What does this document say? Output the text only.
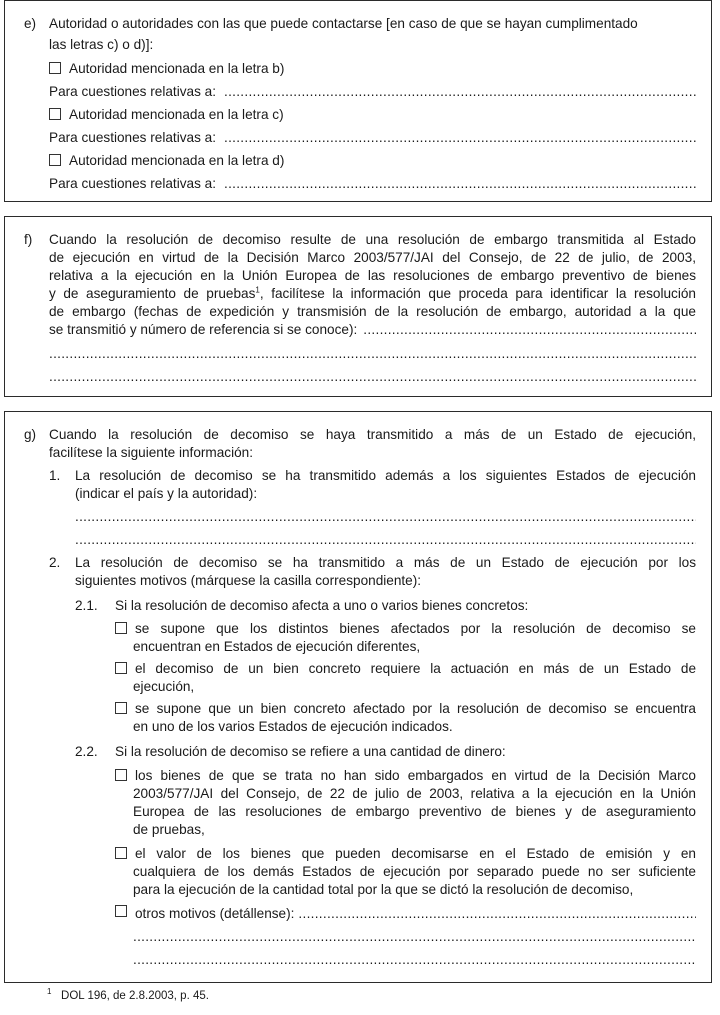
e) Autoridad o autoridades con las que puede contactarse [en caso de que se hayan cumplimentado
las letras c) o d)]:
Autoridad mencionada en la letra b)
Para cuestiones relativas a:
.....
Autoridad mencionada en la letra c)
Para cuestiones relativas a:
.....
Autoridad mencionada en la letra d)
Para cuestiones relativas a:
.....
f) Cuando la resolución de decomiso resulte de una resolución de embargo transmitida al Estado
de ejecución en virtud de la Decisión Marco 2003/577/JAI del Consejo, de 22 de julio, de 2003,
relativa a la ejecución en la Unión Europea de las resoluciones de embargo preventivo de bienes
y de aseguramiento de pruebas$^1$, facilítese la información que proceda para identificar la resolución
de embargo (fechas de expedición y transmisión de la resolución de embargo, autoridad a la que
se transmitió y número de referencia si se conoce):
.....
.....
.....
g) Cuando la resolución de decomiso se haya transmitido a más de un Estado de ejecución,
facilítese la siguiente información:
1. La resolución de decomiso se ha transmitido además a los siguientes Estados de ejecución
(indicar el país y la autoridad):
.....
.....
2. La resolución de decomiso se ha transmitido a más de un Estado de ejecución por los
siguientes motivos (márquese la casilla correspondiente):
2.1. Si la resolución de decomiso afecta a uno o varios bienes concretos:
se supone que los distintos bienes afectados por la resolución de decomiso se
encuentran en Estados de ejecución diferentes,
el decomiso de un bien concreto requiere la actuación en más de un Estado de
ejecución,
se supone que un bien concreto afectado por la resolución de decomiso se encuentra
en uno de los varios Estados de ejecución indicados.
2.2. Si la resolución de decomiso se refiere a una cantidad de dinero:
los bienes de que se trata no han sido embargados en virtud de la Decisión Marco
2003/577/JAI del Consejo, de 22 de julio de 2003, relativa a la ejecución en la Unión
Europea de las resoluciones de embargo preventivo de bienes y de aseguramiento
de pruebas,
el valor de los bienes que pueden decomisarse en el Estado de emisión y en
cualquiera de los demás Estados de ejecución por separado puede no ser suficiente
para la ejecución de la cantidad total por la que se dictó la resolución de decomiso,
otros motivos (detállense):
.....
.....
.....
$^1$ DOL 196, de 2.8.2003, p. 45.
